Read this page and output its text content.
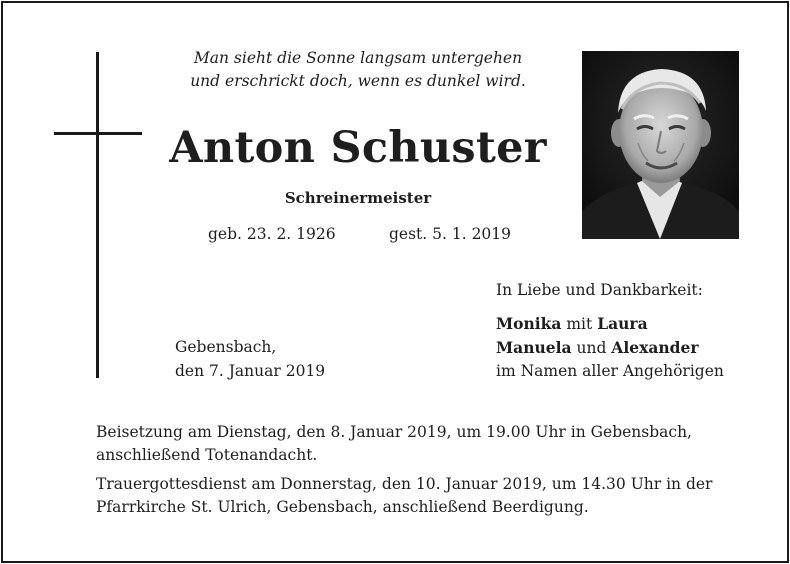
Man sieht die Sonne langsam untergehen
und erschrickt doch, wenn es dunkel wird.
Anton Schuster
Schreinermeister
geb. 23. 2. 1926	gest. 5. 1. 2019
In Liebe und Dankbarkeit:
Monika mit Laura
Manuela und Alexander
im Namen aller Angehörigen
Gebensbach,
den 7. Januar 2019
Beisetzung am Dienstag, den 8. Januar 2019, um 19.00 Uhr in Gebensbach,
anschließend Totenandacht.
Trauergottesdienst am Donnerstag, den 10. Januar 2019, um 14.30 Uhr in der
Pfarrkirche St. Ulrich, Gebensbach, anschließend Beerdigung.
